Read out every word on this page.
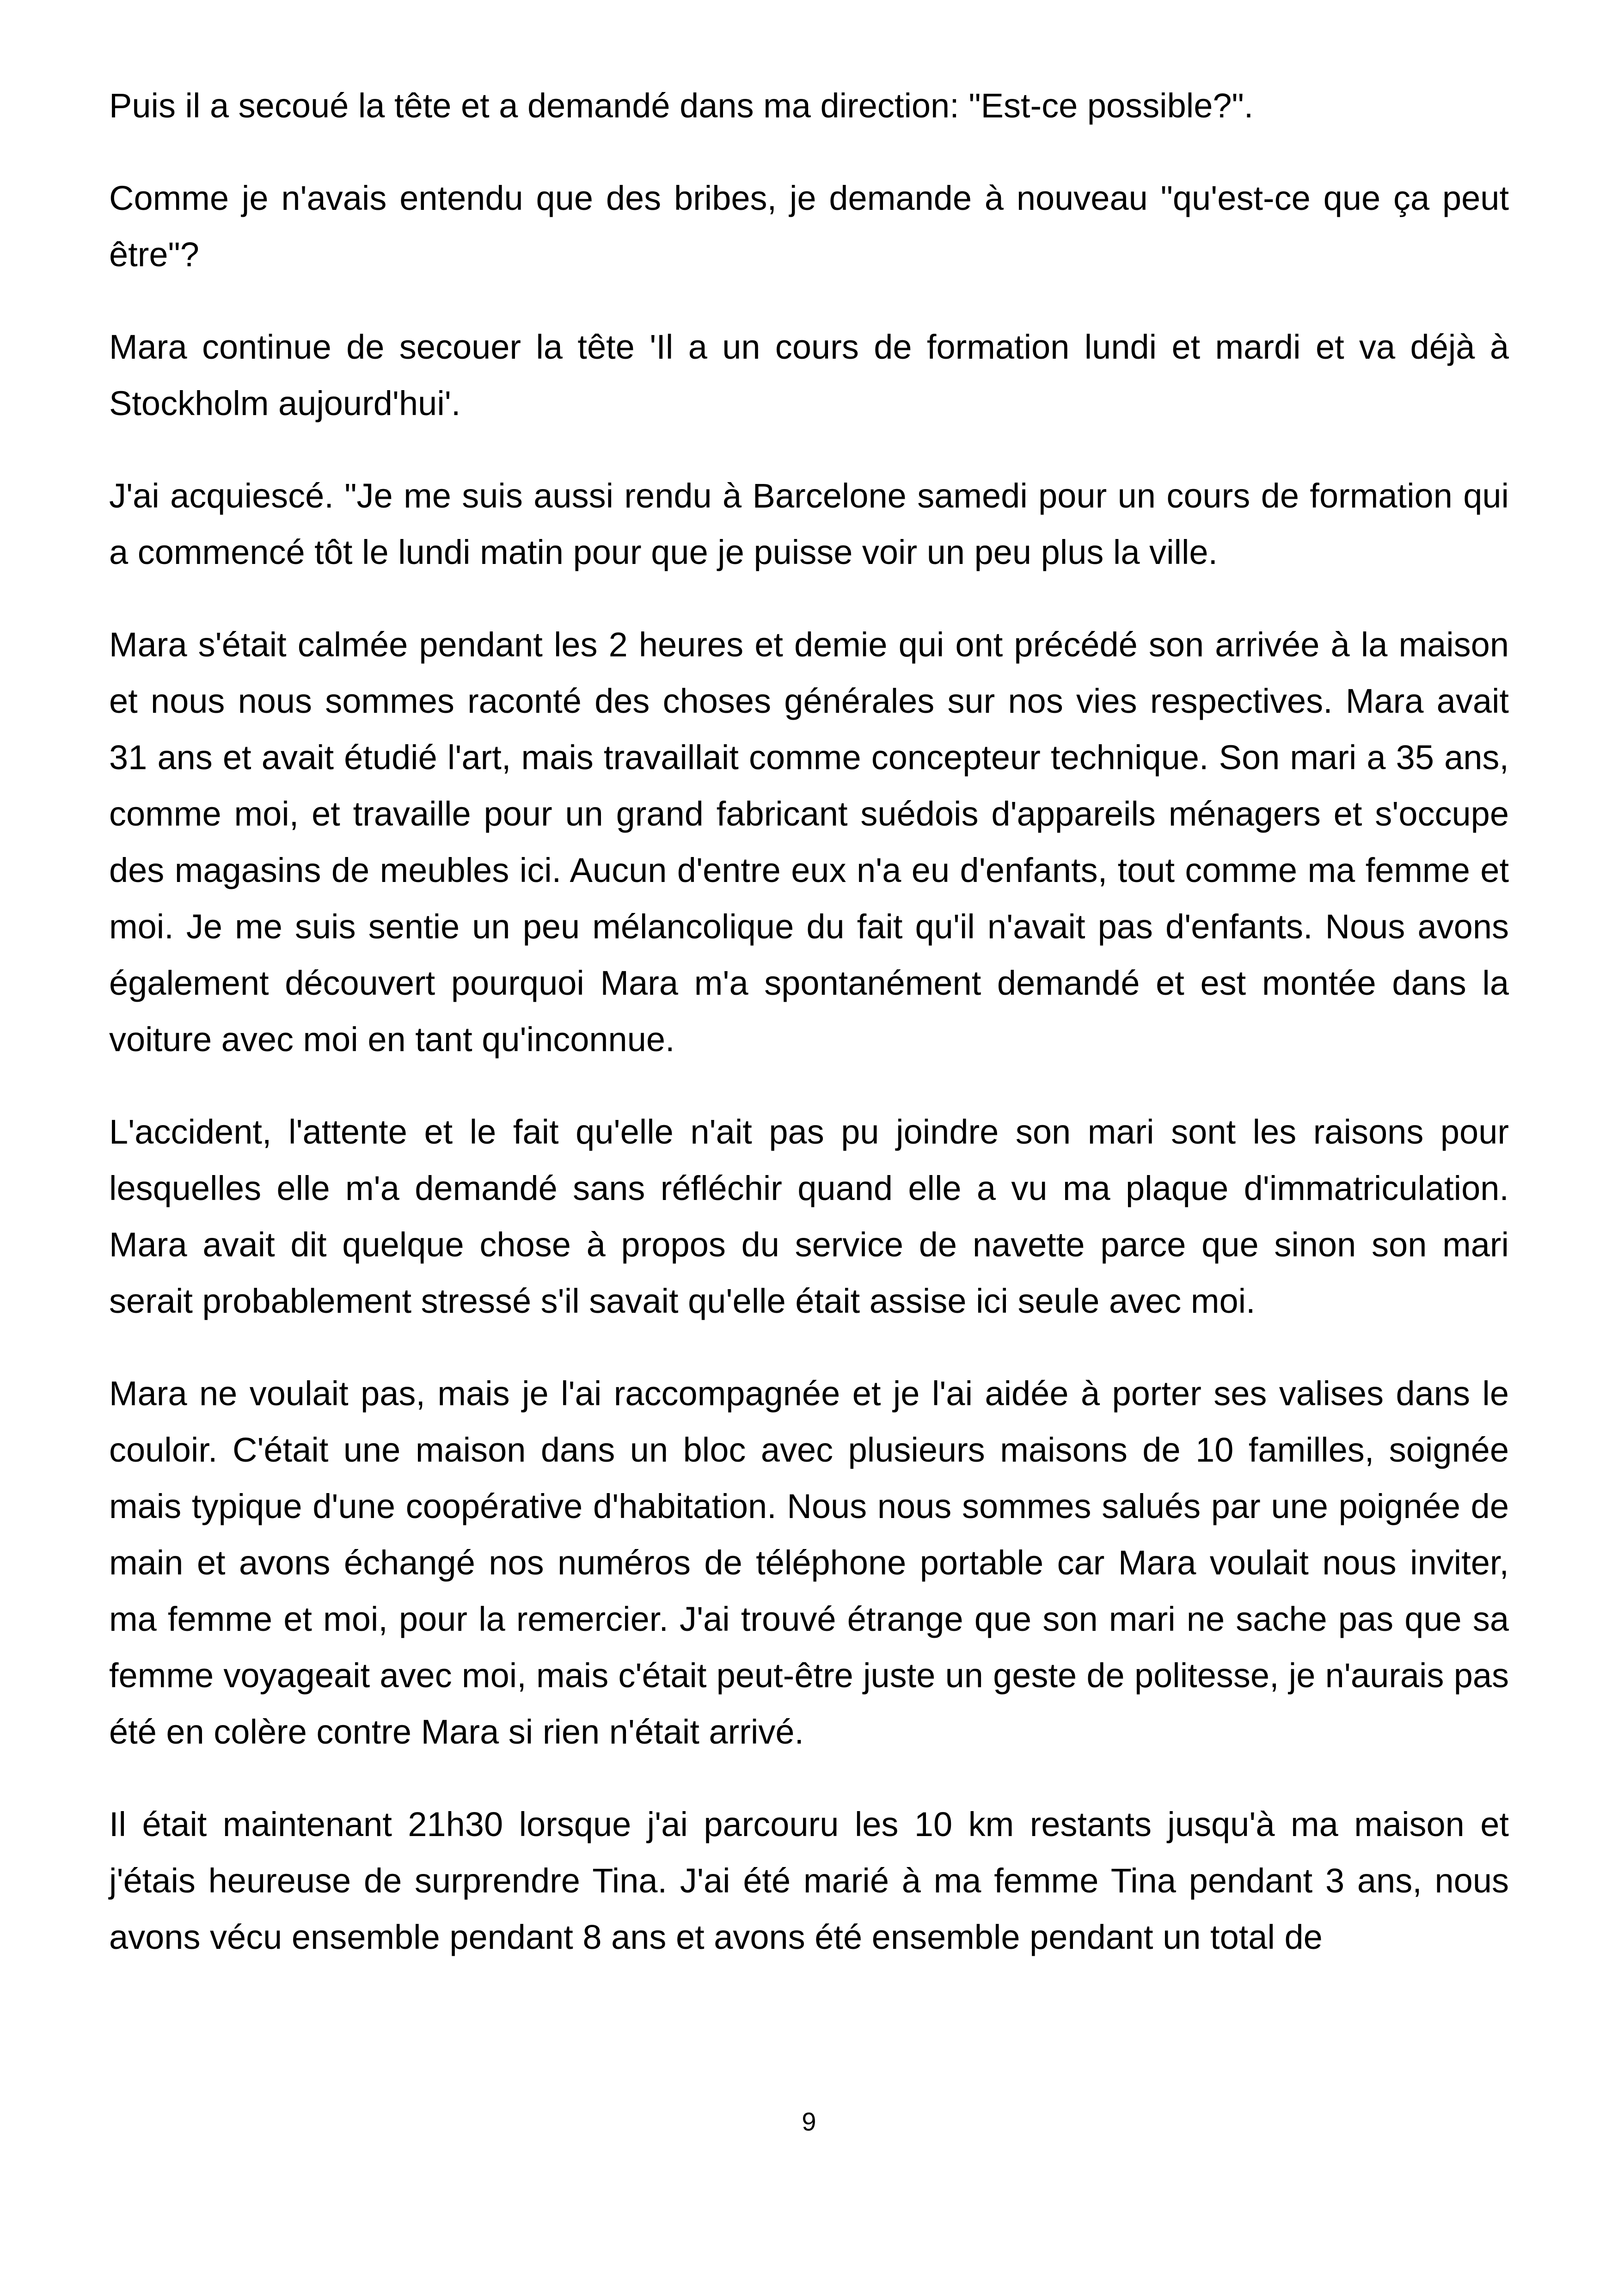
Puis il a secoué la tête et a demandé dans ma direction: "Est-ce possible?".

Comme je n'avais entendu que des bribes, je demande à nouveau "qu'est-ce que ça peut être"?

Mara continue de secouer la tête 'Il a un cours de formation lundi et mardi et va déjà à Stockholm aujourd'hui'.

J'ai acquiescé. "Je me suis aussi rendu à Barcelone samedi pour un cours de formation qui a commencé tôt le lundi matin pour que je puisse voir un peu plus la ville.

Mara s'était calmée pendant les 2 heures et demie qui ont précédé son arrivée à la maison et nous nous sommes raconté des choses générales sur nos vies respectives. Mara avait 31 ans et avait étudié l'art, mais travaillait comme concepteur technique. Son mari a 35 ans, comme moi, et travaille pour un grand fabricant suédois d'appareils ménagers et s'occupe des magasins de meubles ici. Aucun d'entre eux n'a eu d'enfants, tout comme ma femme et moi. Je me suis sentie un peu mélancolique du fait qu'il n'avait pas d'enfants. Nous avons également découvert pourquoi Mara m'a spontanément demandé et est montée dans la voiture avec moi en tant qu'inconnue.

L'accident, l'attente et le fait qu'elle n'ait pas pu joindre son mari sont les raisons pour lesquelles elle m'a demandé sans réfléchir quand elle a vu ma plaque d'immatriculation. Mara avait dit quelque chose à propos du service de navette parce que sinon son mari serait probablement stressé s'il savait qu'elle était assise ici seule avec moi.

Mara ne voulait pas, mais je l'ai raccompagnée et je l'ai aidée à porter ses valises dans le couloir. C'était une maison dans un bloc avec plusieurs maisons de 10 familles, soignée mais typique d'une coopérative d'habitation. Nous nous sommes salués par une poignée de main et avons échangé nos numéros de téléphone portable car Mara voulait nous inviter, ma femme et moi, pour la remercier. J'ai trouvé étrange que son mari ne sache pas que sa femme voyageait avec moi, mais c'était peut-être juste un geste de politesse, je n'aurais pas été en colère contre Mara si rien n'était arrivé.

Il était maintenant 21h30 lorsque j'ai parcouru les 10 km restants jusqu'à ma maison et j'étais heureuse de surprendre Tina. J'ai été marié à ma femme Tina pendant 3 ans, nous avons vécu ensemble pendant 8 ans et avons été ensemble pendant un total de

9
